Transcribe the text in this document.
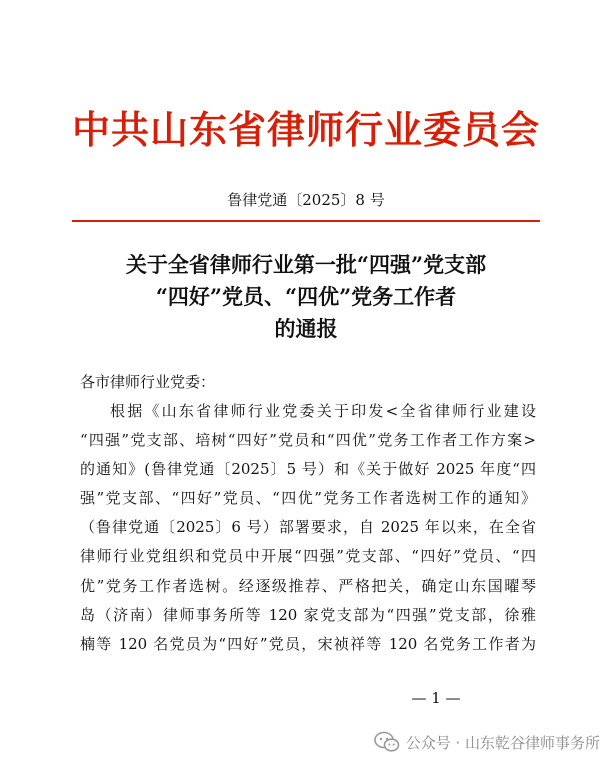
中共山东省律师行业委员会
鲁律党通〔2025〕8 号
关于全省律师行业第一批“四强”党支部
“四好”党员、“四优”党务工作者
的通报
各市律师行业党委：
根据《山东省律师行业党委关于印发<全省律师行业建设
“四强”党支部、培树“四好”党员和“四优”党务工作者工作方案>
的通知》(鲁律党通〔2025〕5 号）和《关于做好 2025 年度“四
强”党支部、“四好”党员、“四优”党务工作者选树工作的通知》
（鲁律党通〔2025〕6 号）部署要求，自 2025 年以来，在全省
律师行业党组织和党员中开展“四强”党支部、“四好”党员、“四
优”党务工作者选树。经逐级推荐、严格把关，确定山东国曜琴
岛（济南）律师事务所等 120 家党支部为“四强”党支部，徐雅
楠等 120 名党员为“四好”党员，宋祯祥等 120 名党务工作者为
— 1 —
公众号 · 山东乾谷律师事务所
